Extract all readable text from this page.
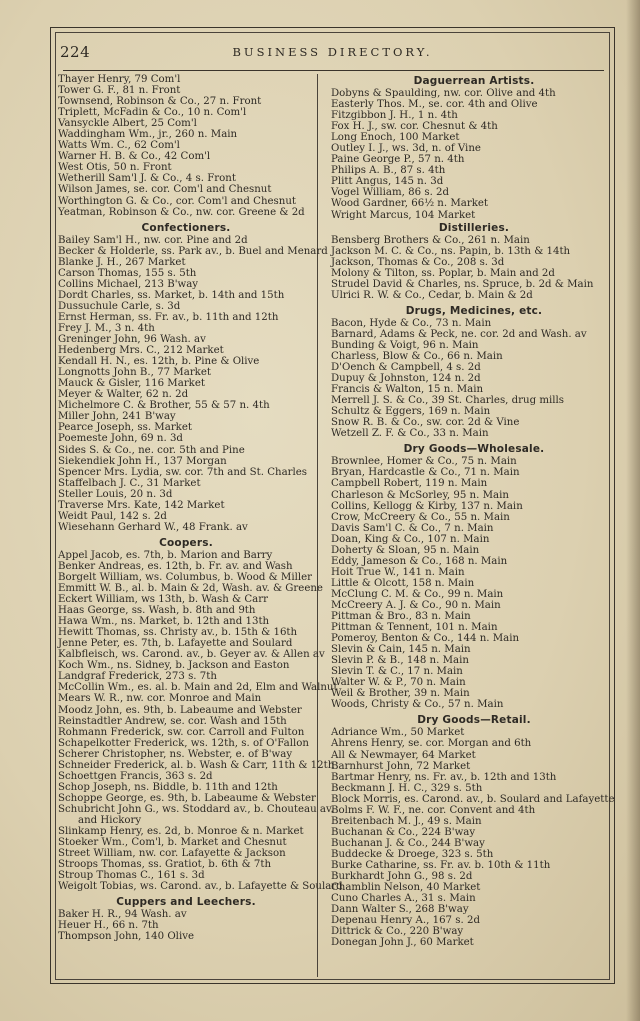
224	BUSINESS DIRECTORY.
Thayer Henry, 79 Com'l
Tower G. F., 81 n. Front
Townsend, Robinson & Co., 27 n. Front
Triplett, McFadin & Co., 10 n. Com'l
Vansyckle Albert, 25 Com'l
Waddingham Wm., jr., 260 n. Main
Watts Wm. C., 62 Com'l
Warner H. B. & Co., 42 Com'l
West Otis, 50 n. Front
Wetherill Sam'l J. & Co., 4 s. Front
Wilson James, se. cor. Com'l and Chesnut
Worthington G. & Co., cor. Com'l and Chesnut
Yeatman, Robinson & Co., nw. cor. Greene & 2d
Confectioners.
Bailey Sam'l H., nw. cor. Pine and 2d
Becker & Holderle, ss. Park av., b. Buel and Menard
Blanke J. H., 267 Market
Carson Thomas, 155 s. 5th
Collins Michael, 213 B'way
Dordt Charles, ss. Market, b. 14th and 15th
Dussuchule Carle, s. 3d
Ernst Herman, ss. Fr. av., b. 11th and 12th
Frey J. M., 3 n. 4th
Greninger John, 96 Wash. av
Hedenberg Mrs. C., 212 Market
Kendall H. N., es. 12th, b. Pine & Olive
Longnotts John B., 77 Market
Mauck & Gisler, 116 Market
Meyer & Walter, 62 n. 2d
Michelmore C. & Brother, 55 & 57 n. 4th
Miller John, 241 B'way
Pearce Joseph, ss. Market
Poemeste John, 69 n. 3d
Sides S. & Co., ne. cor. 5th and Pine
Siekendiek John H., 137 Morgan
Spencer Mrs. Lydia, sw. cor. 7th and St. Charles
Staffelbach J. C., 31 Market
Steller Louis, 20 n. 3d
Traverse Mrs. Kate, 142 Market
Weidt Paul, 142 s. 2d
Wiesehann Gerhard W., 48 Frank. av
Coopers.
Appel Jacob, es. 7th, b. Marion and Barry
Benker Andreas, es. 12th, b. Fr. av. and Wash
Borgelt William, ws. Columbus, b. Wood & Miller
Emmitt W. B., al. b. Main & 2d, Wash. av. & Greene
Eckert William, ws 13th, b. Wash & Carr
Haas George, ss. Wash, b. 8th and 9th
Hawa Wm., ns. Market, b. 12th and 13th
Hewitt Thomas, ss. Christy av., b. 15th & 16th
Jenne Peter, es. 7th, b. Lafayette and Soulard
Kalbfleisch, ws. Carond. av., b. Geyer av. & Allen av
Koch Wm., ns. Sidney, b. Jackson and Easton
Landgraf Frederick, 273 s. 7th
McCollin Wm., es. al. b. Main and 2d, Elm and Walnut
Mears W. R., nw. cor. Monroe and Main
Moodz John, es. 9th, b. Labeaume and Webster
Reinstadtler Andrew, se. cor. Wash and 15th
Rohmann Frederick, sw. cor. Carroll and Fulton
Schapelkotter Frederick, ws. 12th, s. of O'Fallon
Scherer Christopher, ns. Webster, e. of B'way
Schneider Frederick, al. b. Wash & Carr, 11th & 12th
Schoettgen Francis, 363 s. 2d
Schop Joseph, ns. Biddle, b. 11th and 12th
Schoppe George, es. 9th, b. Labeaume & Webster
Schubricht John G., ws. Stoddard av., b. Chouteau av.
and Hickory
Slinkamp Henry, es. 2d, b. Monroe & n. Market
Stoeker Wm., Com'l, b. Market and Chesnut
Street William, nw. cor. Lafayette & Jackson
Stroops Thomas, ss. Gratiot, b. 6th & 7th
Stroup Thomas C., 161 s. 3d
Weigolt Tobias, ws. Carond. av., b. Lafayette & Soulard
Cuppers and Leechers.
Baker H. R., 94 Wash. av
Heuer H., 66 n. 7th
Thompson John, 140 Olive
Daguerrean Artists.
Dobyns & Spaulding, nw. cor. Olive and 4th
Easterly Thos. M., se. cor. 4th and Olive
Fitzgibbon J. H., 1 n. 4th
Fox H. J., sw. cor. Chesnut & 4th
Long Enoch, 100 Market
Outley I. J., ws. 3d, n. of Vine
Paine George P., 57 n. 4th
Philips A. B., 87 s. 4th
Plitt Angus, 145 n. 3d
Vogel William, 86 s. 2d
Wood Gardner, 66½ n. Market
Wright Marcus, 104 Market
Distilleries.
Bensberg Brothers & Co., 261 n. Main
Jackson M. C. & Co., ns. Papin, b. 13th & 14th
Jackson, Thomas & Co., 208 s. 3d
Molony & Tilton, ss. Poplar, b. Main and 2d
Strudel David & Charles, ns. Spruce, b. 2d & Main
Ulrici R. W. & Co., Cedar, b. Main & 2d
Drugs, Medicines, etc.
Bacon, Hyde & Co., 73 n. Main
Barnard, Adams & Peck, ne. cor. 2d and Wash. av
Bunding & Voigt, 96 n. Main
Charless, Blow & Co., 66 n. Main
D'Oench & Campbell, 4 s. 2d
Dupuy & Johnston, 124 n. 2d
Francis & Walton, 15 n. Main
Merrell J. S. & Co., 39 St. Charles, drug mills
Schultz & Eggers, 169 n. Main
Snow R. B. & Co., sw. cor. 2d & Vine
Wetzell Z. F. & Co., 33 n. Main
Dry Goods—Wholesale.
Brownlee, Homer & Co., 75 n. Main
Bryan, Hardcastle & Co., 71 n. Main
Campbell Robert, 119 n. Main
Charleson & McSorley, 95 n. Main
Collins, Kellogg & Kirby, 137 n. Main
Crow, McCreery & Co., 55 n. Main
Davis Sam'l C. & Co., 7 n. Main
Doan, King & Co., 107 n. Main
Doherty & Sloan, 95 n. Main
Eddy, Jameson & Co., 168 n. Main
Hoit True W., 141 n. Main
Little & Olcott, 158 n. Main
McClung C. M. & Co., 99 n. Main
McCreery A. J. & Co., 90 n. Main
Pittman & Bro., 83 n. Main
Pittman & Tennent, 101 n. Main
Pomeroy, Benton & Co., 144 n. Main
Slevin & Cain, 145 n. Main
Slevin P. & B., 148 n. Main
Slevin T. & C., 17 n. Main
Walter W. & P., 70 n. Main
Weil & Brother, 39 n. Main
Woods, Christy & Co., 57 n. Main
Dry Goods—Retail.
Adriance Wm., 50 Market
Ahrens Henry, se. cor. Morgan and 6th
All & Newmayer, 64 Market
Barnhurst John, 72 Market
Bartmar Henry, ns. Fr. av., b. 12th and 13th
Beckmann J. H. C., 329 s. 5th
Block Morris, es. Carond. av., b. Soulard and Lafayette
Bolms F. W. F., ne. cor. Convent and 4th
Breitenbach M. J., 49 s. Main
Buchanan & Co., 224 B'way
Buchanan J. & Co., 244 B'way
Buddecke & Droege, 323 s. 5th
Burke Catharine, ss. Fr. av. b. 10th & 11th
Burkhardt John G., 98 s. 2d
Chamblin Nelson, 40 Market
Cuno Charles A., 31 s. Main
Dann Walter S., 268 B'way
Depenau Henry A., 167 s. 2d
Dittrick & Co., 220 B'way
Donegan John J., 60 Market
